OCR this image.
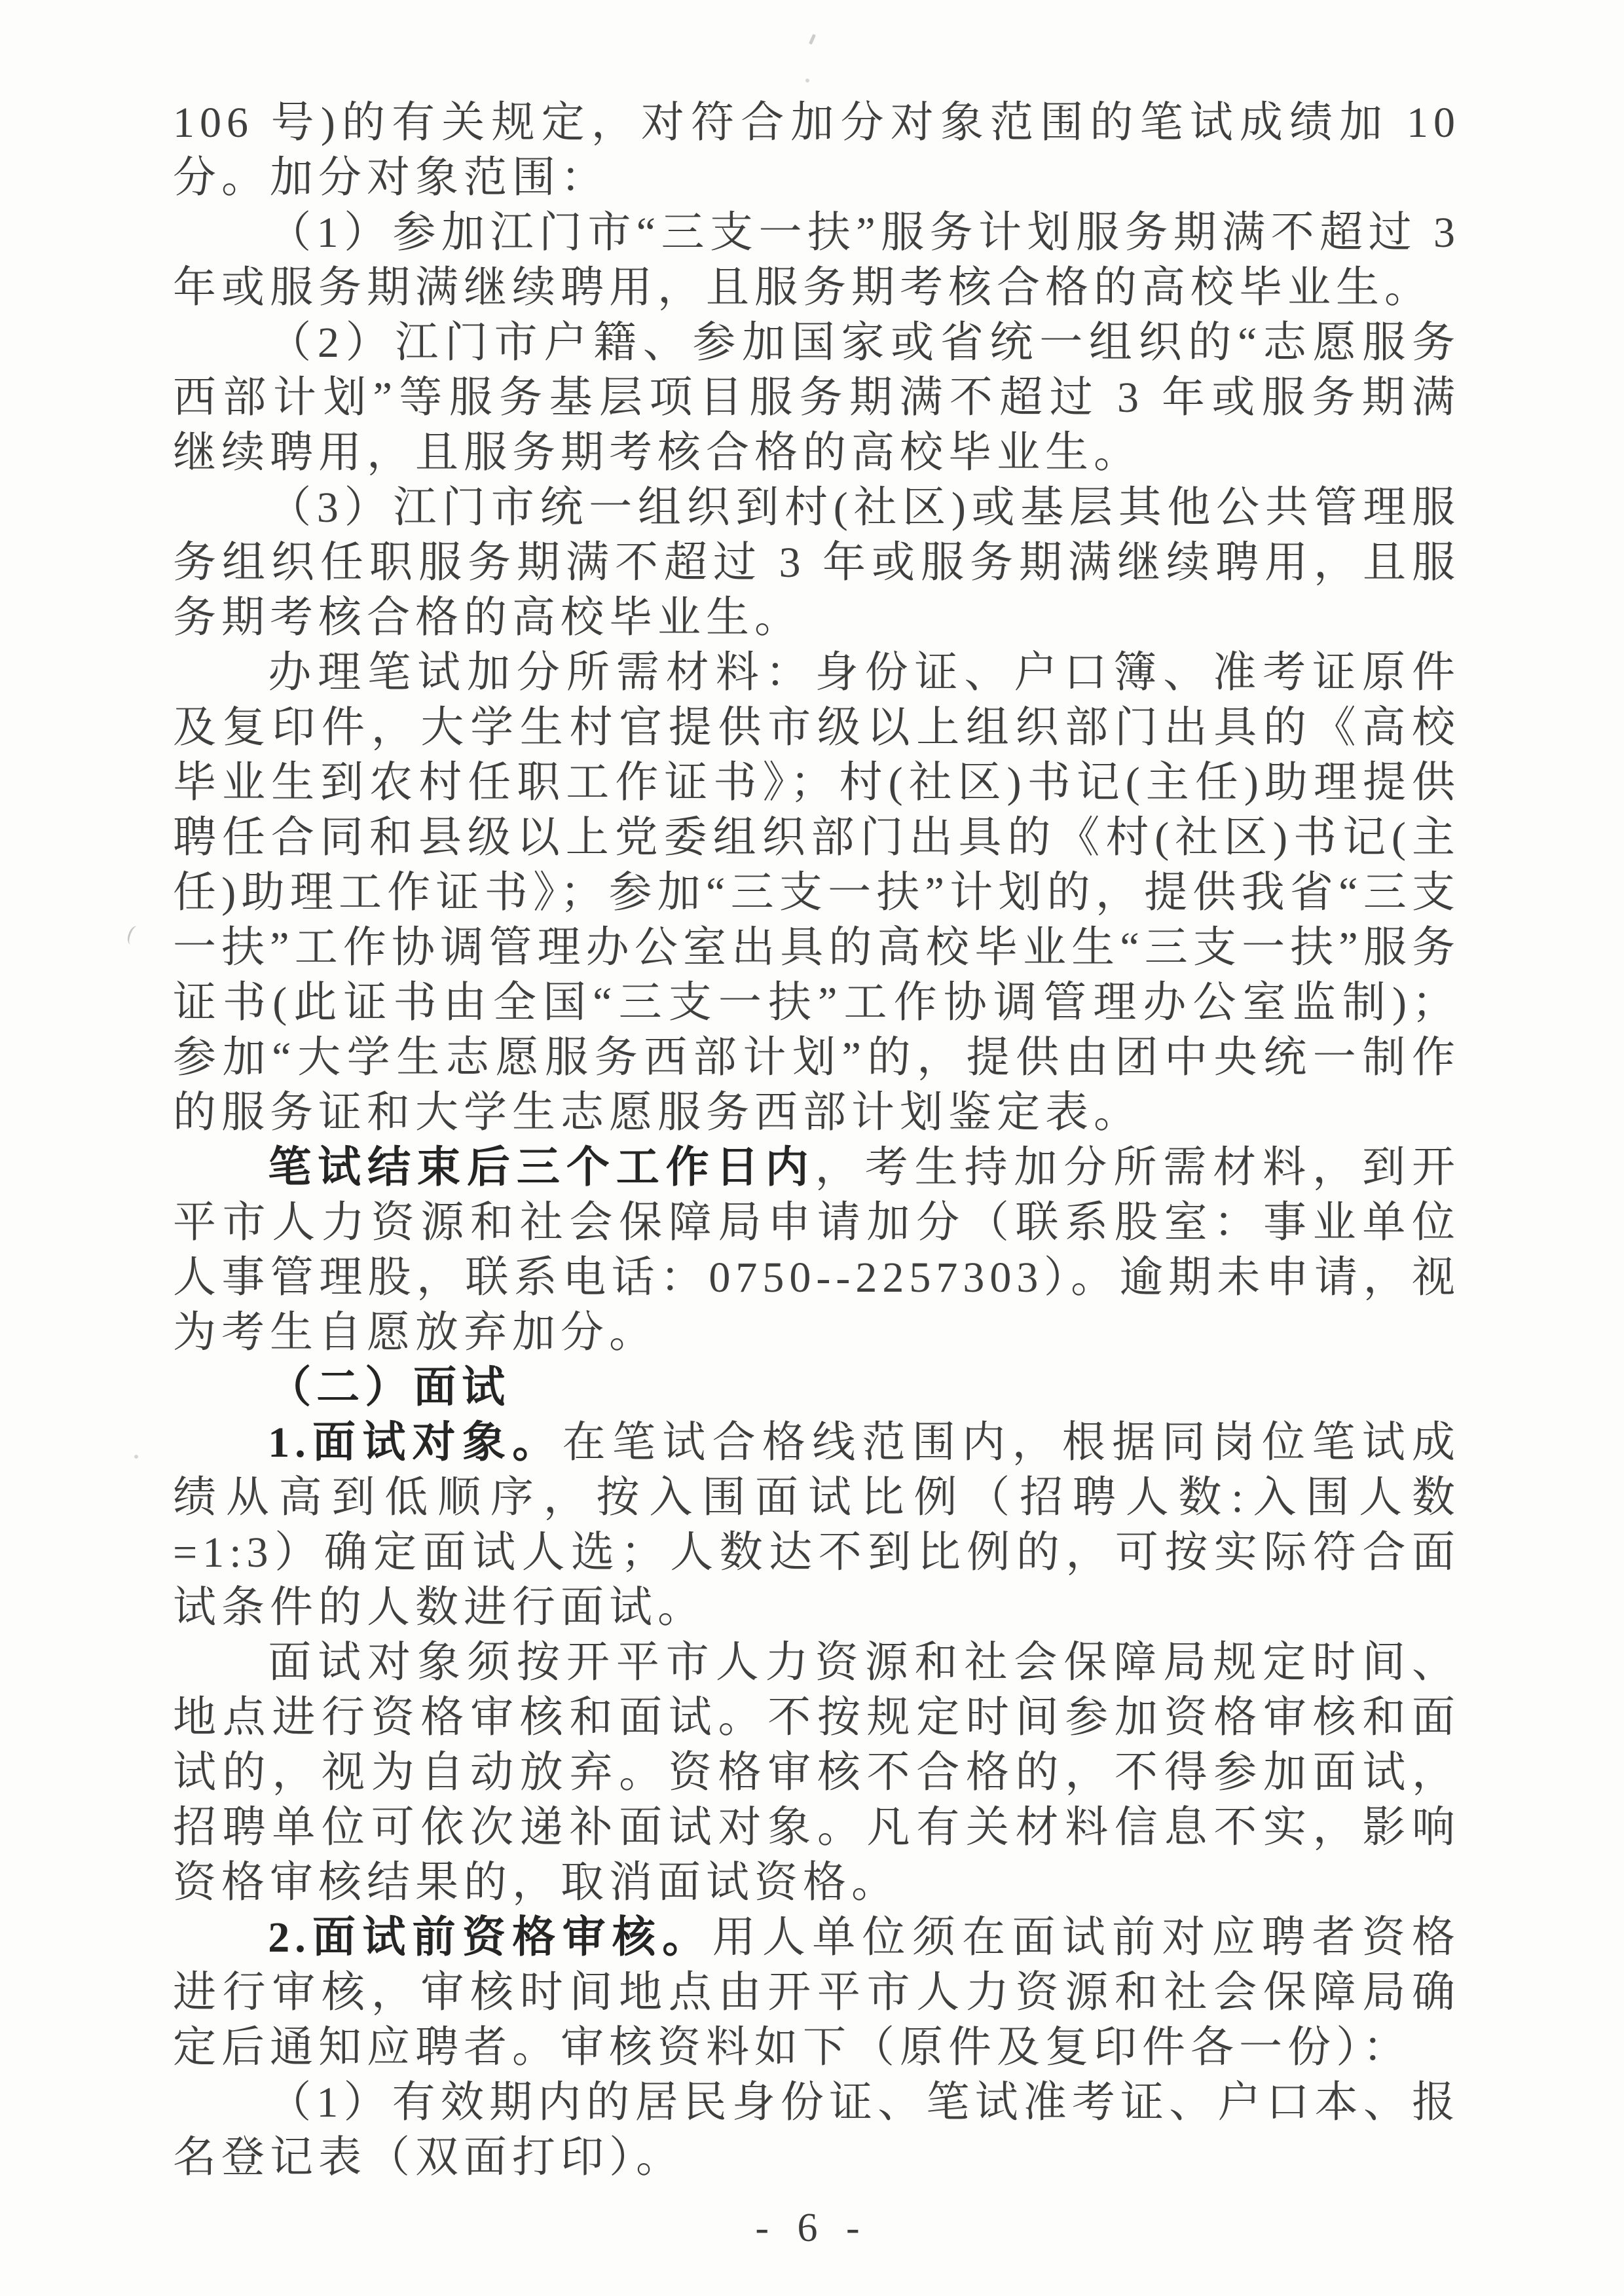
106 号)的有关规定，对符合加分对象范围的笔试成绩加 10 分。加分对象范围：

（1）参加江门市“三支一扶”服务计划服务期满不超过 3 年或服务期满继续聘用，且服务期考核合格的高校毕业生。

（2）江门市户籍、参加国家或省统一组织的“志愿服务西部计划”等服务基层项目服务期满不超过 3 年或服务期满继续聘用，且服务期考核合格的高校毕业生。

（3）江门市统一组织到村(社区)或基层其他公共管理服务组织任职服务期满不超过 3 年或服务期满继续聘用，且服务期考核合格的高校毕业生。

办理笔试加分所需材料：身份证、户口簿、准考证原件及复印件，大学生村官提供市级以上组织部门出具的《高校毕业生到农村任职工作证书》；村(社区)书记(主任)助理提供聘任合同和县级以上党委组织部门出具的《村(社区)书记(主任)助理工作证书》；参加“三支一扶”计划的，提供我省“三支一扶”工作协调管理办公室出具的高校毕业生“三支一扶”服务证书(此证书由全国“三支一扶”工作协调管理办公室监制)；参加“大学生志愿服务西部计划”的，提供由团中央统一制作的服务证和大学生志愿服务西部计划鉴定表。

笔试结束后三个工作日内，考生持加分所需材料，到开平市人力资源和社会保障局申请加分（联系股室：事业单位人事管理股，联系电话：0750--2257303）。逾期未申请，视为考生自愿放弃加分。

（二）面试

1.面试对象。在笔试合格线范围内，根据同岗位笔试成绩从高到低顺序，按入围面试比例（招聘人数:入围人数=1:3）确定面试人选；人数达不到比例的，可按实际符合面试条件的人数进行面试。

面试对象须按开平市人力资源和社会保障局规定时间、地点进行资格审核和面试。不按规定时间参加资格审核和面试的，视为自动放弃。资格审核不合格的，不得参加面试，招聘单位可依次递补面试对象。凡有关材料信息不实，影响资格审核结果的，取消面试资格。

2.面试前资格审核。用人单位须在面试前对应聘者资格进行审核，审核时间地点由开平市人力资源和社会保障局确定后通知应聘者。审核资料如下（原件及复印件各一份）：

（1）有效期内的居民身份证、笔试准考证、户口本、报名登记表（双面打印）。

- 6 -
